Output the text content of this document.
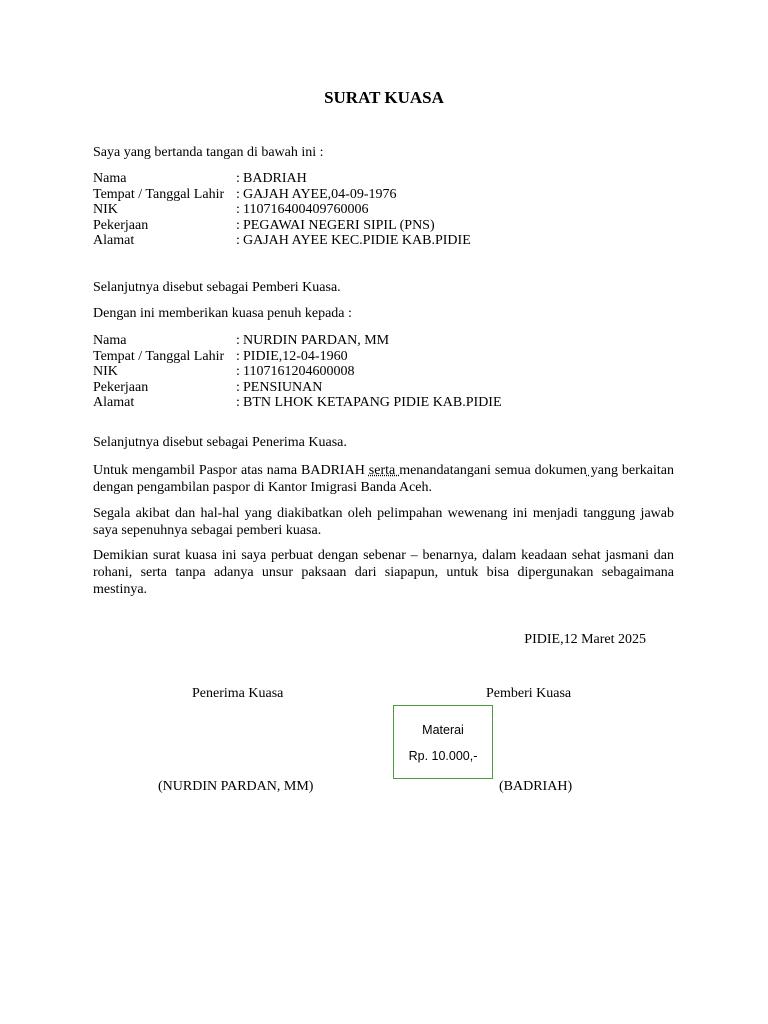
SURAT KUASA
Saya yang bertanda tangan di bawah ini :
Nama	: BADRIAH
Tempat / Tanggal Lahir : GAJAH AYEE,04-09-1976
NIK	: 110716400409760006
Pekerjaan	: PEGAWAI NEGERI SIPIL (PNS)
Alamat	: GAJAH AYEE KEC.PIDIE KAB.PIDIE
Selanjutnya disebut sebagai Pemberi Kuasa.
Dengan ini memberikan kuasa penuh kepada :
Nama	: NURDIN PARDAN, MM
Tempat / Tanggal Lahir : PIDIE,12-04-1960
NIK	: 1107161204600008
Pekerjaan	: PENSIUNAN
Alamat	: BTN LHOK KETAPANG PIDIE KAB.PIDIE
Selanjutnya disebut sebagai Penerima Kuasa.
Untuk mengambil Paspor atas nama BADRIAH serta menandatangani semua dokumen yang berkaitan dengan pengambilan paspor di Kantor Imigrasi Banda Aceh.
Segala akibat dan hal-hal yang diakibatkan oleh pelimpahan wewenang ini menjadi tanggung jawab saya sepenuhnya sebagai pemberi kuasa.
Demikian surat kuasa ini saya perbuat dengan sebenar – benarnya, dalam keadaan sehat jasmani dan rohani, serta tanpa adanya unsur paksaan dari siapapun, untuk bisa dipergunakan sebagaimana mestinya.
PIDIE,12 Maret 2025
Penerima Kuasa	Pemberi Kuasa
Materai
Rp. 10.000,-
(NURDIN PARDAN, MM)	(BADRIAH)
